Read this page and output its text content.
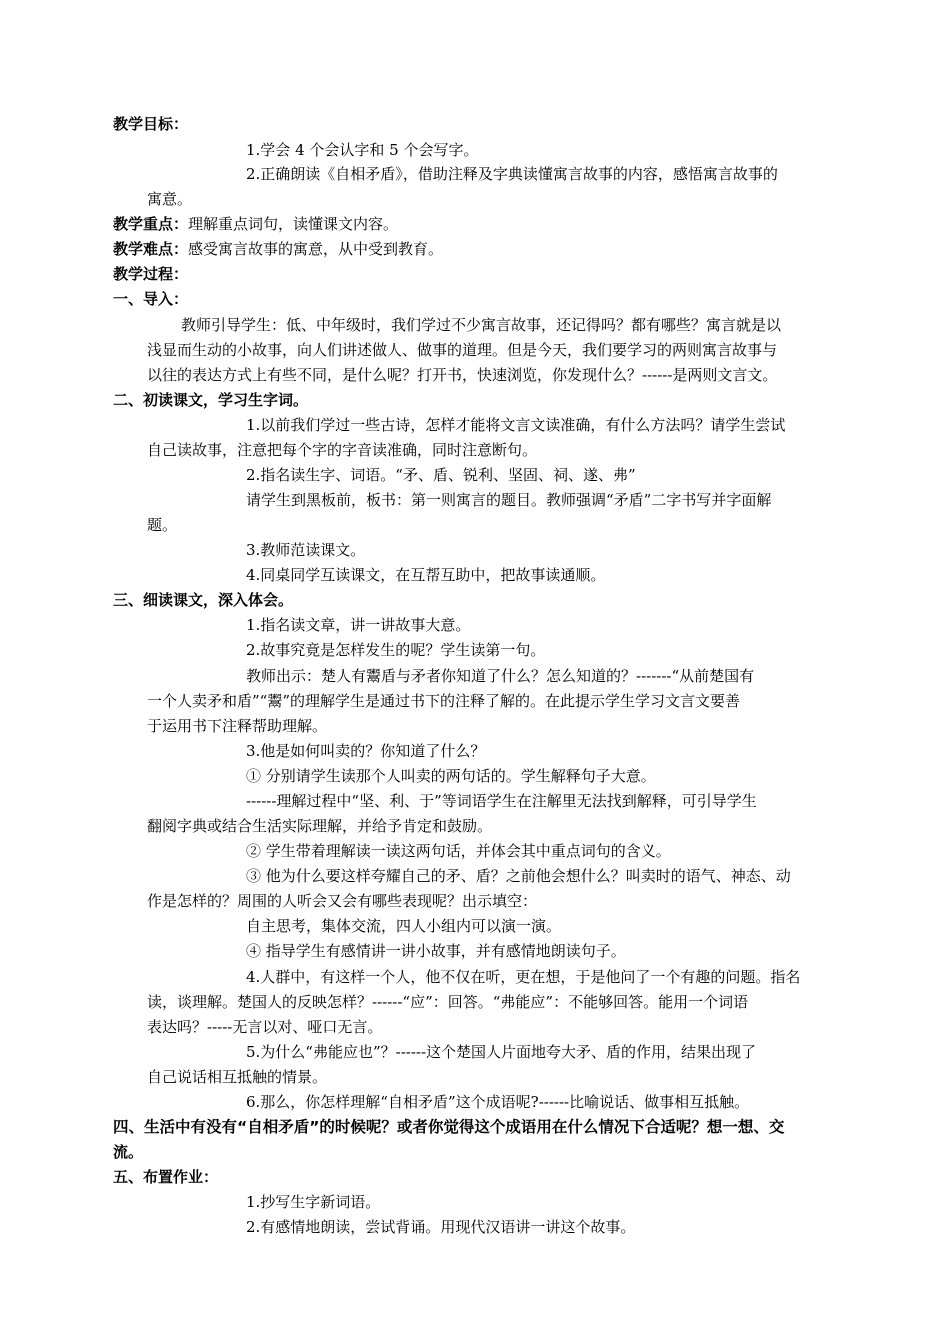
教学目标：
1.学会 4 个会认字和 5 个会写字。
2.正确朗读《自相矛盾》，借助注释及字典读懂寓言故事的内容，感悟寓言故事的
寓意。
教学重点：理解重点词句，读懂课文内容。
教学难点：感受寓言故事的寓意，从中受到教育。
教学过程：
一、导入：
教师引导学生：低、中年级时，我们学过不少寓言故事，还记得吗？都有哪些？寓言就是以
浅显而生动的小故事，向人们讲述做人、做事的道理。但是今天，我们要学习的两则寓言故事与
以往的表达方式上有些不同，是什么呢？打开书，快速浏览，你发现什么？------是两则文言文。
二、初读课文，学习生字词。
1.以前我们学过一些古诗，怎样才能将文言文读准确，有什么方法吗？请学生尝试
自己读故事，注意把每个字的字音读准确，同时注意断句。
2.指名读生字、词语。“矛、盾、锐利、坚固、祠、遂、弗”
请学生到黑板前，板书：第一则寓言的题目。教师强调“矛盾”二字书写并字面解
题。
3.教师范读课文。
4.同桌同学互读课文，在互帮互助中，把故事读通顺。
三、细读课文，深入体会。
1.指名读文章，讲一讲故事大意。
2.故事究竟是怎样发生的呢？学生读第一句。
教师出示：楚人有鬻盾与矛者你知道了什么？怎么知道的？-------“从前楚国有
一个人卖矛和盾”“鬻”的理解学生是通过书下的注释了解的。在此提示学生学习文言文要善
于运用书下注释帮助理解。
3.他是如何叫卖的？你知道了什么？
① 分别请学生读那个人叫卖的两句话的。学生解释句子大意。
------理解过程中“坚、利、于”等词语学生在注解里无法找到解释，可引导学生
翻阅字典或结合生活实际理解，并给予肯定和鼓励。
② 学生带着理解读一读这两句话，并体会其中重点词句的含义。
③ 他为什么要这样夸耀自己的矛、盾？之前他会想什么？叫卖时的语气、神态、动
作是怎样的？周围的人听会又会有哪些表现呢？出示填空：
自主思考，集体交流，四人小组内可以演一演。
④ 指导学生有感情讲一讲小故事，并有感情地朗读句子。
4.人群中，有这样一个人，他不仅在听，更在想，于是他问了一个有趣的问题。指名
读，谈理解。楚国人的反映怎样？------“应”：回答。“弗能应”：不能够回答。能用一个词语
表达吗？-----无言以对、哑口无言。
5.为什么“弗能应也”？------这个楚国人片面地夸大矛、盾的作用，结果出现了
自己说话相互抵触的情景。
6.那么，你怎样理解“自相矛盾”这个成语呢?------比喻说话、做事相互抵触。
四、生活中有没有“自相矛盾”的时候呢？或者你觉得这个成语用在什么情况下合适呢？想一想、交
流。
五、布置作业：
1.抄写生字新词语。
2.有感情地朗读，尝试背诵。用现代汉语讲一讲这个故事。
